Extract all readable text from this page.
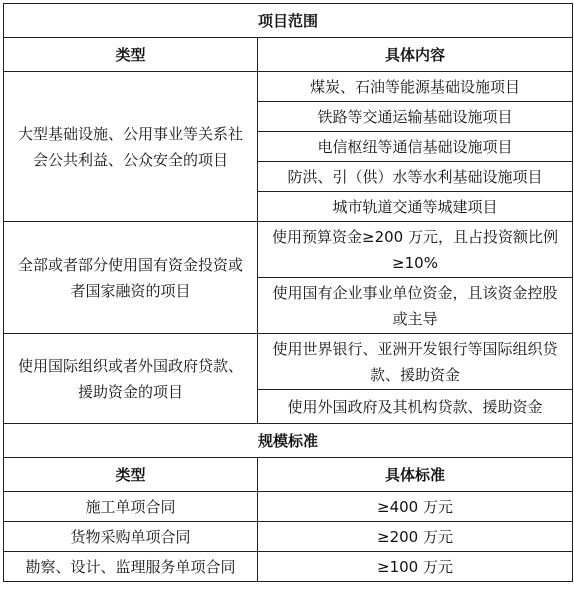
项目范围	
类型	具体内容
大型基础设施、公用事业等关系社会公共利益、公众安全的项目	煤炭、石油等能源基础设施项目
	铁路等交通运输基础设施项目
	电信枢纽等通信基础设施项目
	防洪、引（供）水等水利基础设施项目
	城市轨道交通等城建项目
全部或者部分使用国有资金投资或者国家融资的项目	使用预算资金≥200 万元，且占投资额比例≥10%
	使用国有企业事业单位资金，且该资金控股或主导
使用国际组织或者外国政府贷款、援助资金的项目	使用世界银行、亚洲开发银行等国际组织贷款、援助资金
	使用外国政府及其机构贷款、援助资金
规模标准	
类型	具体标准
施工单项合同	≥400 万元
货物采购单项合同	≥200 万元
勘察、设计、监理服务单项合同	≥100 万元
